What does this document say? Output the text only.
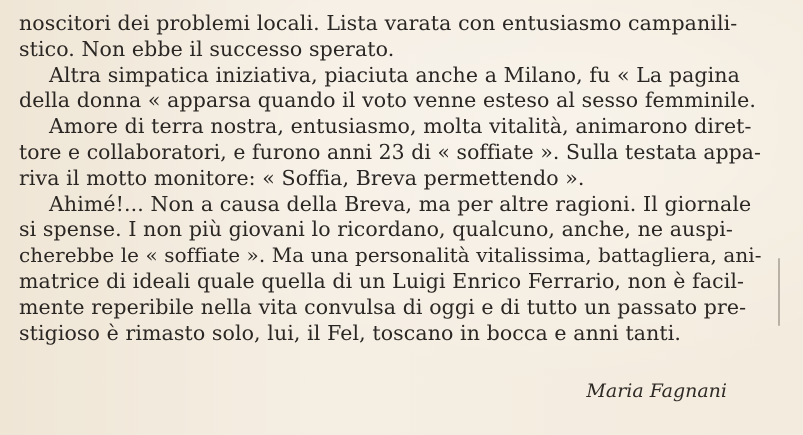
noscitori dei problemi locali. Lista varata con entusiasmo campanili-
stico. Non ebbe il successo sperato.
Altra simpatica iniziativa, piaciuta anche a Milano, fu « La pagina
della donna « apparsa quando il voto venne esteso al sesso femminile.
Amore di terra nostra, entusiasmo, molta vitalità, animarono diret-
tore e collaboratori, e furono anni 23 di « soffiate ». Sulla testata appa-
riva il motto monitore: « Soffia, Breva permettendo ».
Ahimé!... Non a causa della Breva, ma per altre ragioni. Il giornale
si spense. I non più giovani lo ricordano, qualcuno, anche, ne auspi-
cherebbe le « soffiate ». Ma una personalità vitalissima, battagliera, ani-
matrice di ideali quale quella di un Luigi Enrico Ferrario, non è facil-
mente reperibile nella vita convulsa di oggi e di tutto un passato pre-
stigioso è rimasto solo, lui, il Fel, toscano in bocca e anni tanti.
Maria Fagnani
